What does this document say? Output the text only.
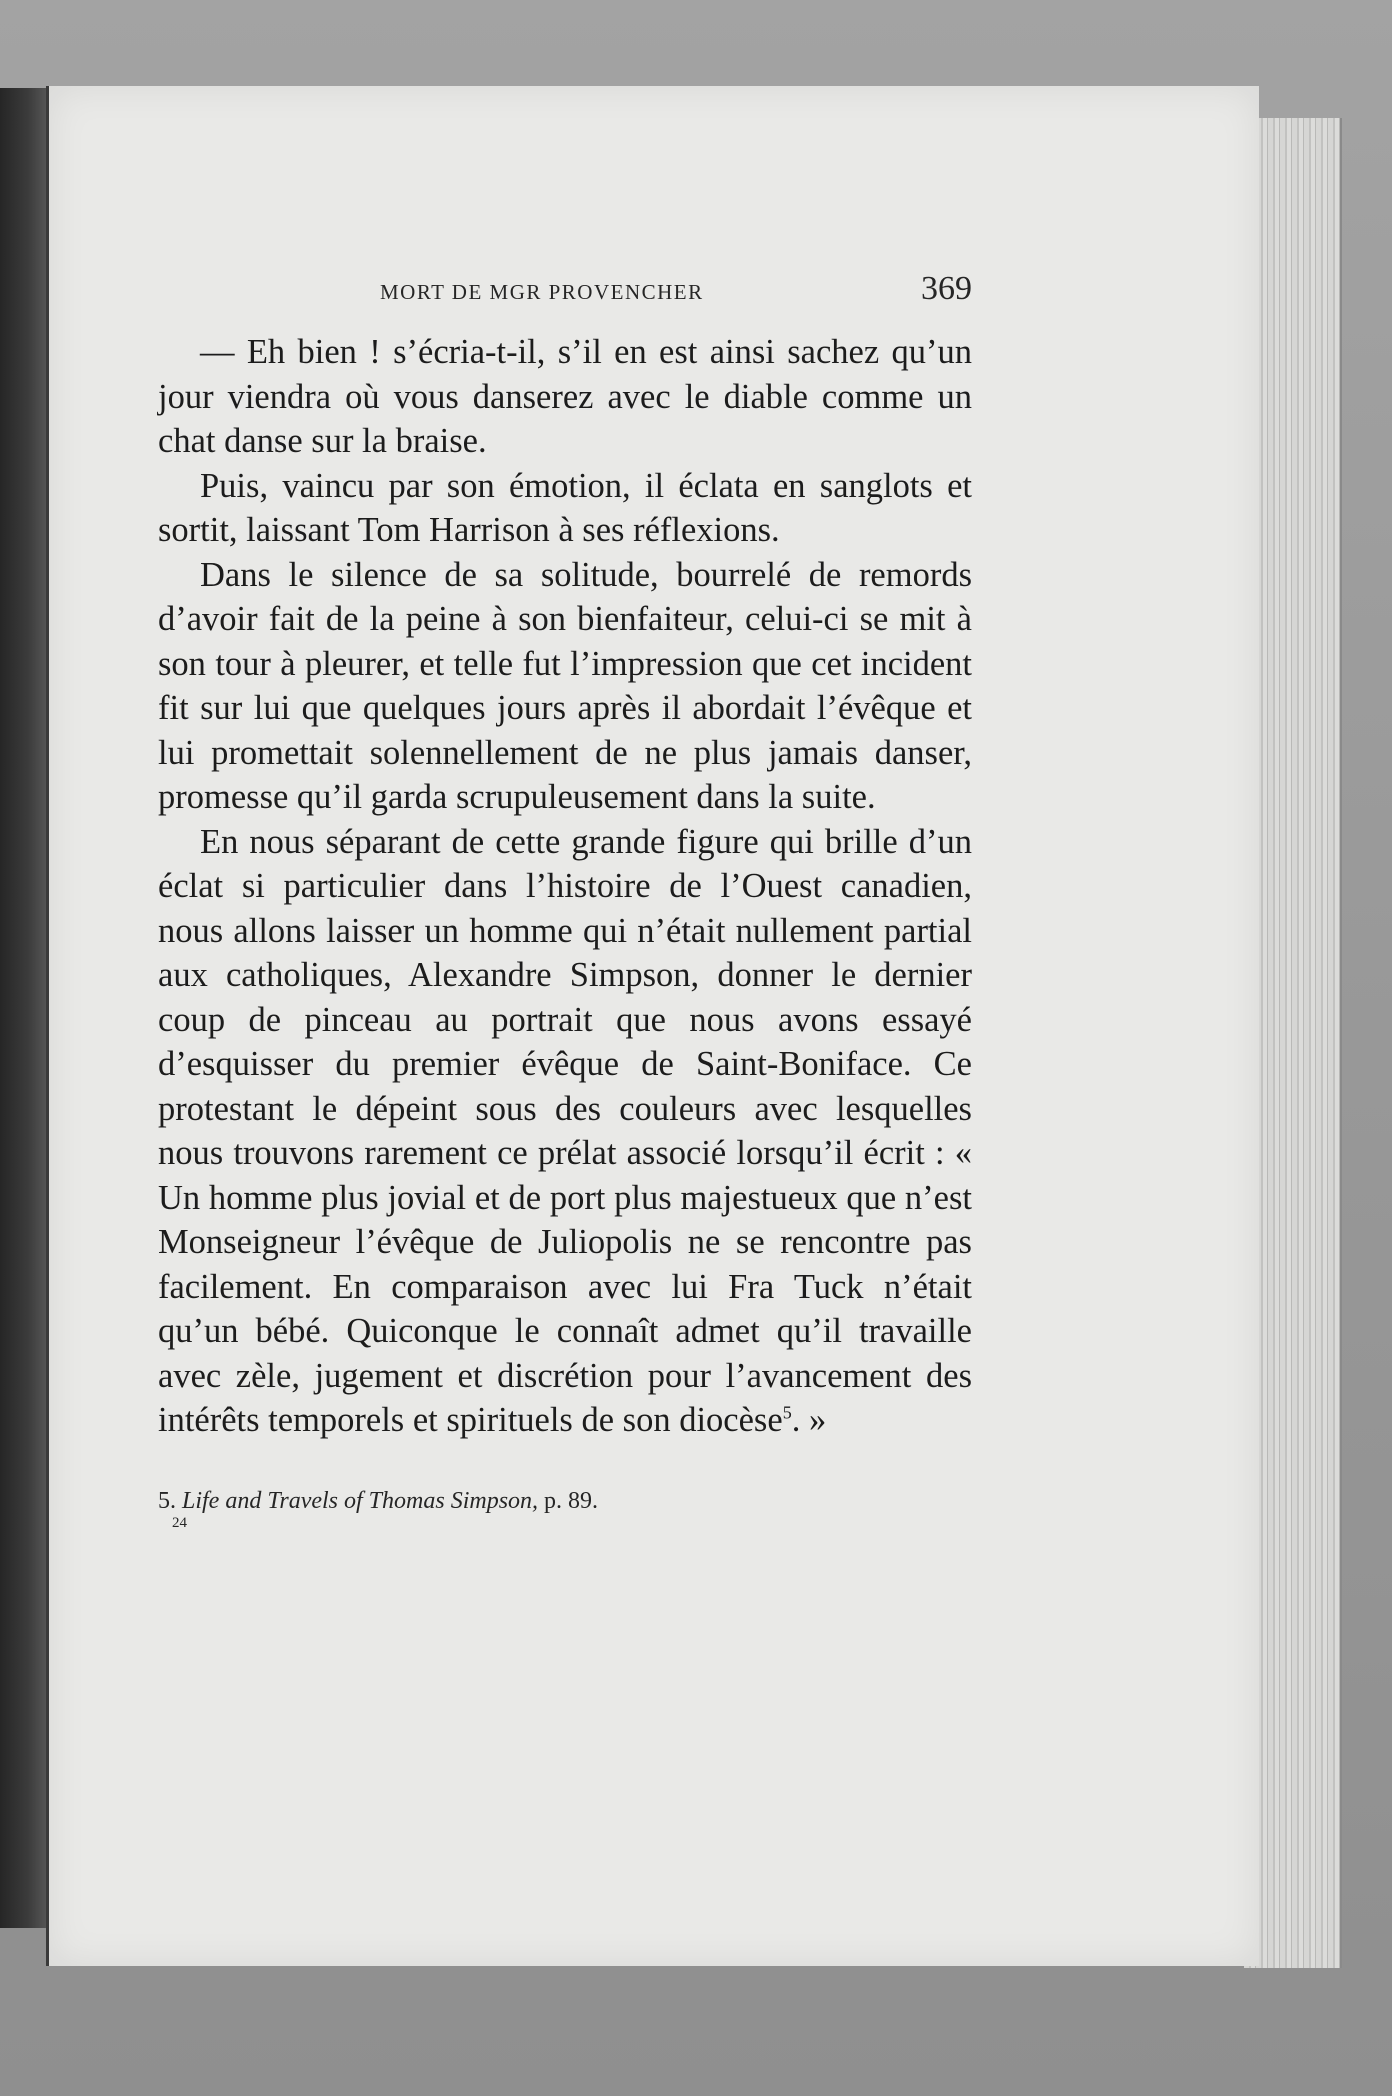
MORT DE MGR PROVENCHER	369

— Eh bien ! s’écria-t-il, s’il en est ainsi sachez qu’un jour viendra où vous danserez avec le diable comme un chat danse sur la braise.

Puis, vaincu par son émotion, il éclata en sanglots et sortit, laissant Tom Harrison à ses réflexions.

Dans le silence de sa solitude, bourrelé de remords d’avoir fait de la peine à son bienfaiteur, celui-ci se mit à son tour à pleurer, et telle fut l’impression que cet incident fit sur lui que quelques jours après il abordait l’évêque et lui promettait solennellement de ne plus jamais danser, promesse qu’il garda scrupuleusement dans la suite.

En nous séparant de cette grande figure qui brille d’un éclat si particulier dans l’histoire de l’Ouest canadien, nous allons laisser un homme qui n’était nullement partial aux catholiques, Alexandre Simpson, donner le dernier coup de pinceau au portrait que nous avons essayé d’esquisser du premier évêque de Saint-Boniface. Ce protestant le dépeint sous des couleurs avec lesquelles nous trouvons rarement ce prélat associé lorsqu’il écrit : « Un homme plus jovial et de port plus majestueux que n’est Monseigneur l’évêque de Juliopolis ne se rencontre pas facilement. En comparaison avec lui Fra Tuck n’était qu’un bébé. Quiconque le connaît admet qu’il travaille avec zèle, jugement et discrétion pour l’avancement des intérêts temporels et spirituels de son diocèse$^5$. »

5. Life and Travels of Thomas Simpson, p. 89.
24
